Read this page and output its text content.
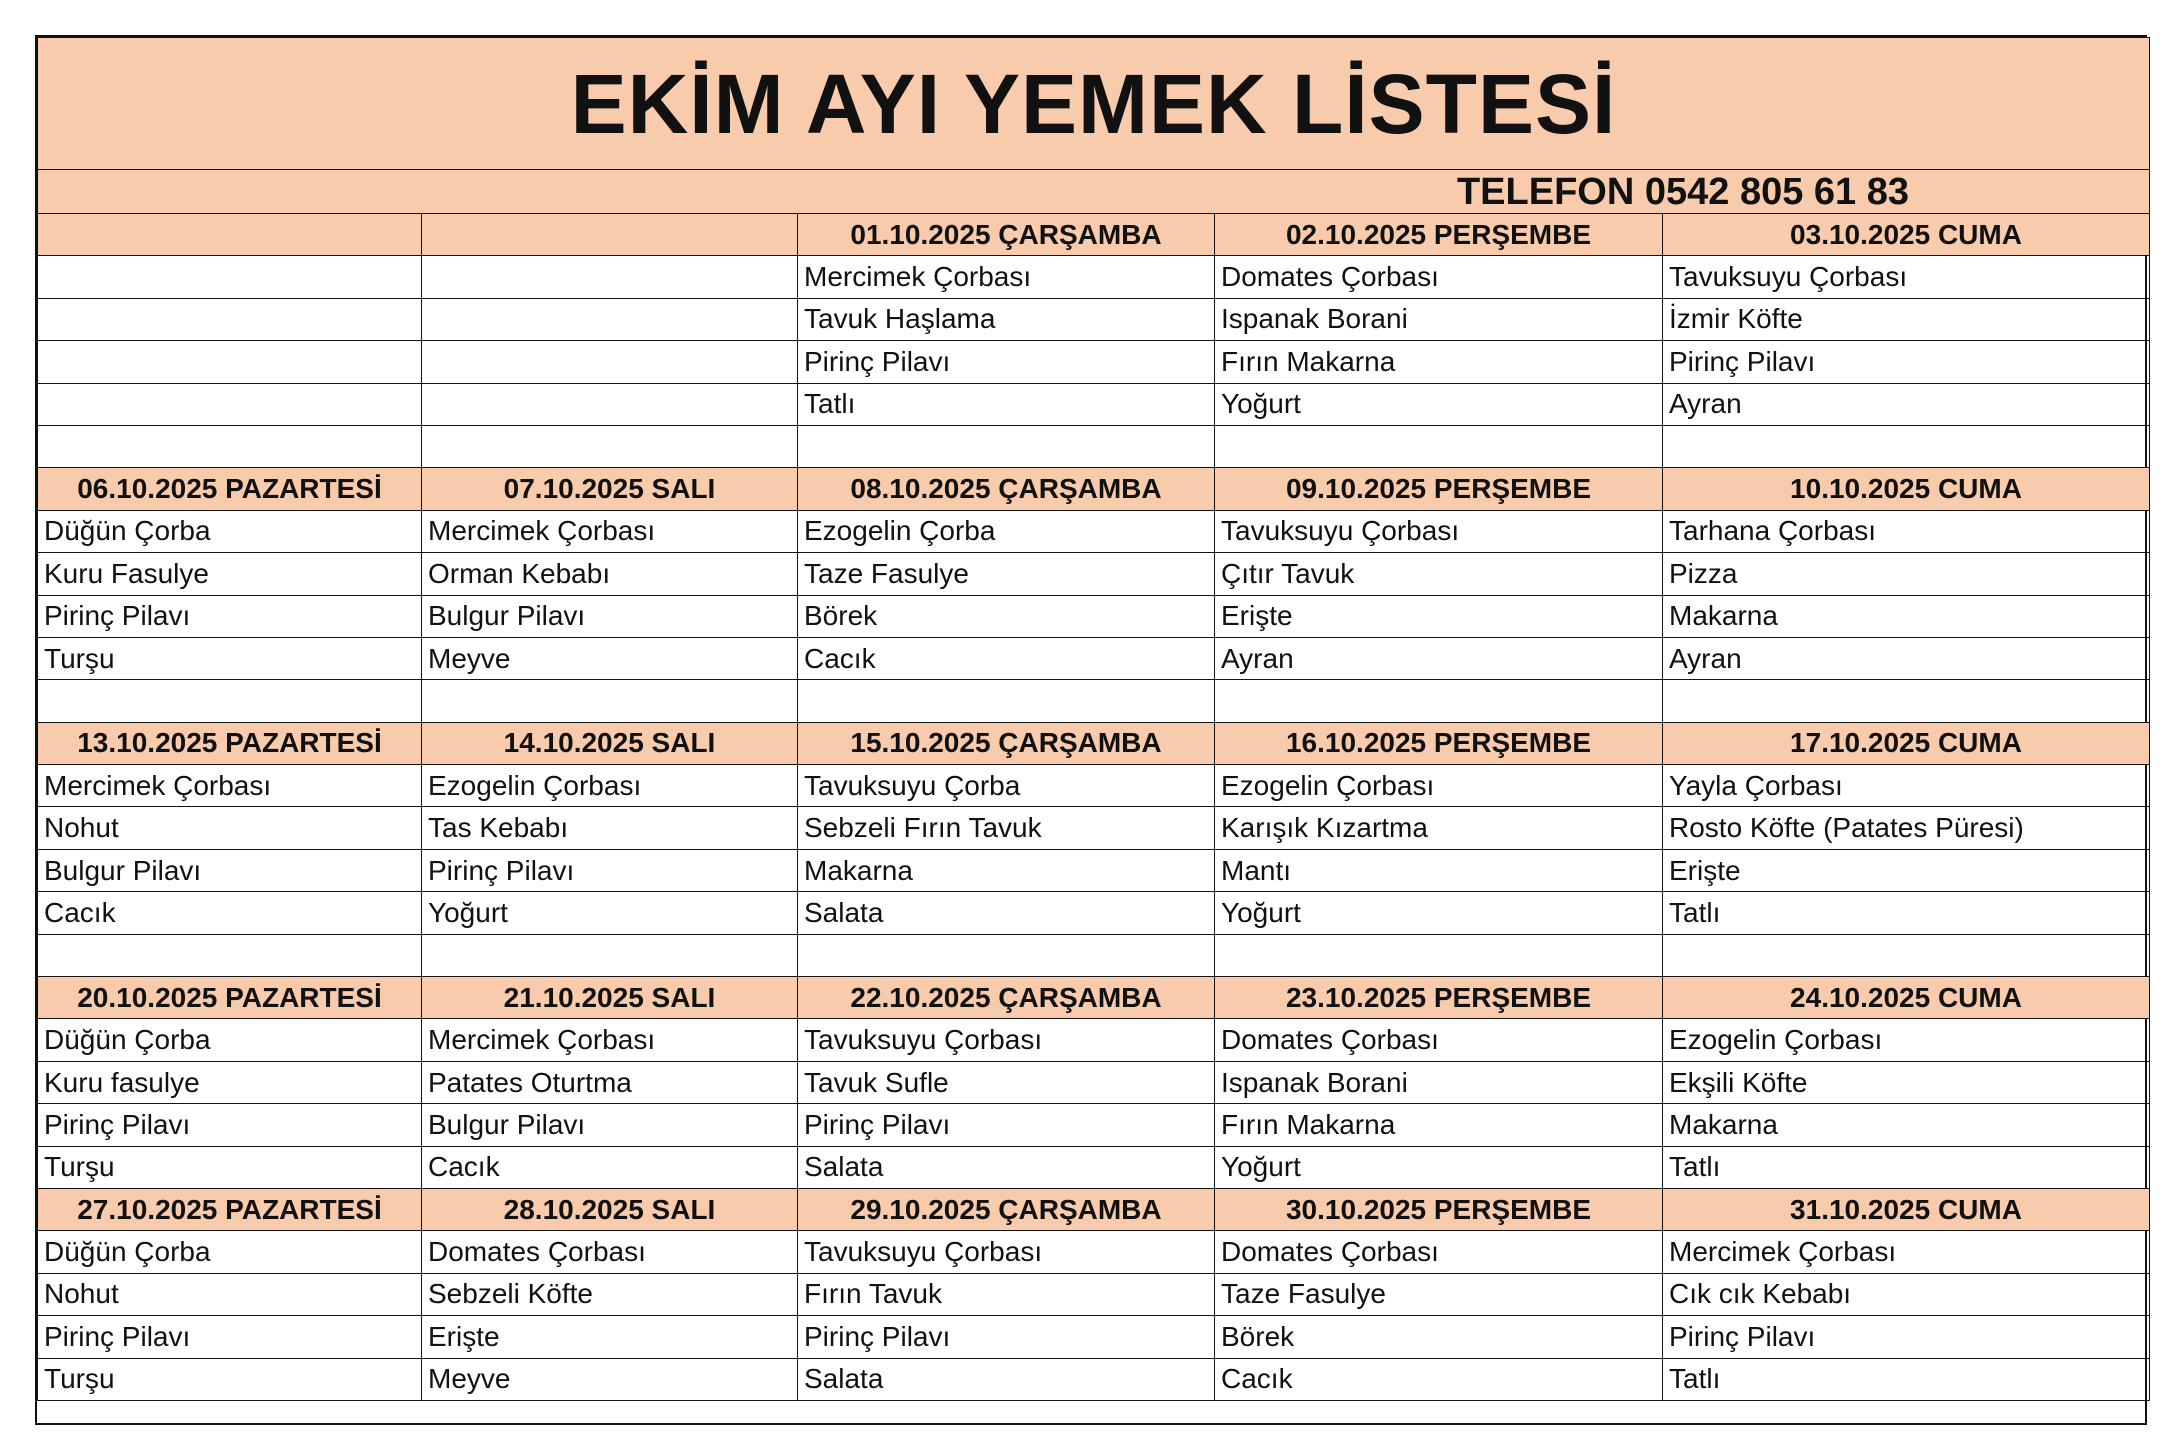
EKİM AYI YEMEK LİSTESİ				
TELEFON 0542 805 61 83				
		01.10.2025 ÇARŞAMBA	02.10.2025 PERŞEMBE	03.10.2025 CUMA
		Mercimek Çorbası	Domates Çorbası	Tavuksuyu Çorbası
		Tavuk Haşlama	Ispanak Borani	İzmir Köfte
		Pirinç Pilavı	Fırın Makarna	Pirinç Pilavı
		Tatlı	Yoğurt	Ayran

06.10.2025 PAZARTESİ	07.10.2025 SALI	08.10.2025 ÇARŞAMBA	09.10.2025 PERŞEMBE	10.10.2025 CUMA
Düğün Çorba	Mercimek Çorbası	Ezogelin Çorba	Tavuksuyu Çorbası	Tarhana Çorbası
Kuru Fasulye	Orman Kebabı	Taze Fasulye	Çıtır Tavuk	Pizza
Pirinç Pilavı	Bulgur Pilavı	Börek	Erişte	Makarna
Turşu	Meyve	Cacık	Ayran	Ayran

13.10.2025 PAZARTESİ	14.10.2025 SALI	15.10.2025 ÇARŞAMBA	16.10.2025 PERŞEMBE	17.10.2025 CUMA
Mercimek Çorbası	Ezogelin Çorbası	Tavuksuyu Çorba	Ezogelin Çorbası	Yayla Çorbası
Nohut	Tas Kebabı	Sebzeli Fırın Tavuk	Karışık Kızartma	Rosto Köfte (Patates Püresi)
Bulgur Pilavı	Pirinç Pilavı	Makarna	Mantı	Erişte
Cacık	Yoğurt	Salata	Yoğurt	Tatlı

20.10.2025 PAZARTESİ	21.10.2025 SALI	22.10.2025 ÇARŞAMBA	23.10.2025 PERŞEMBE	24.10.2025 CUMA
Düğün Çorba	Mercimek Çorbası	Tavuksuyu Çorbası	Domates Çorbası	Ezogelin Çorbası
Kuru fasulye	Patates Oturtma	Tavuk Sufle	Ispanak Borani	Ekşili Köfte
Pirinç Pilavı	Bulgur Pilavı	Pirinç Pilavı	Fırın Makarna	Makarna
Turşu	Cacık	Salata	Yoğurt	Tatlı
27.10.2025 PAZARTESİ	28.10.2025 SALI	29.10.2025 ÇARŞAMBA	30.10.2025 PERŞEMBE	31.10.2025 CUMA
Düğün Çorba	Domates Çorbası	Tavuksuyu Çorbası	Domates Çorbası	Mercimek Çorbası
Nohut	Sebzeli Köfte	Fırın Tavuk	Taze Fasulye	Cık cık Kebabı
Pirinç Pilavı	Erişte	Pirinç Pilavı	Börek	Pirinç Pilavı
Turşu	Meyve	Salata	Cacık	Tatlı
